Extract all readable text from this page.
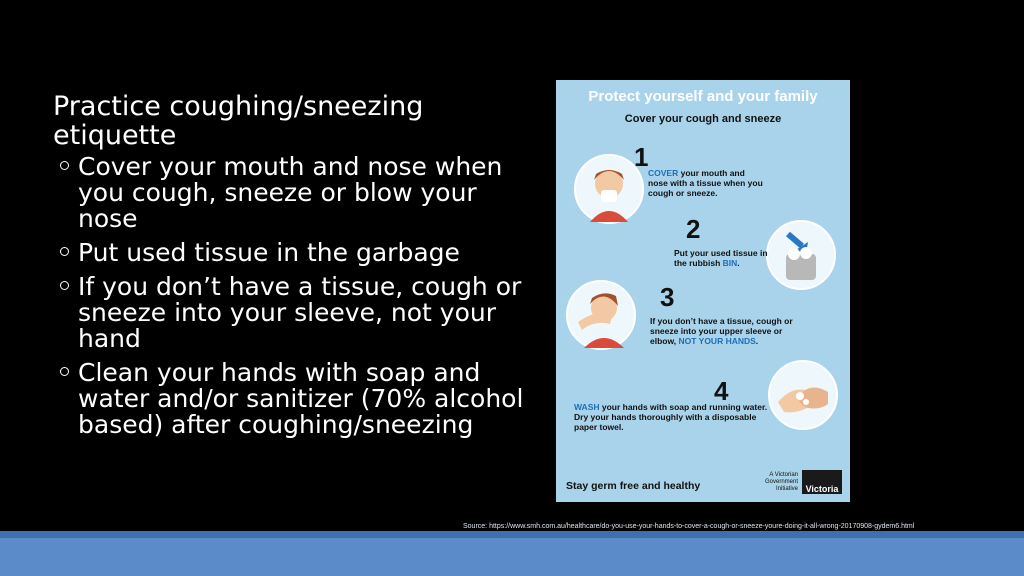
Practice coughing/sneezing etiquette
Cover your mouth and nose when you cough, sneeze or blow your nose
Put used tissue in the garbage
If you don’t have a tissue, cough or sneeze into your sleeve, not your hand
Clean your hands with soap and water and/or sanitizer (70% alcohol based) after coughing/sneezing
Protect yourself and your family
Cover your cough and sneeze
1
COVER your mouth and nose with a tissue when you cough or sneeze.
2
Put your used tissue in the rubbish BIN.
3
If you don’t have a tissue, cough or sneeze into your upper sleeve or elbow, NOT YOUR HANDS.
4
WASH your hands with soap and running water. Dry your hands thoroughly with a disposable paper towel.
Stay germ free and healthy
A Victorian Government Initiative Victoria
Source: https://www.smh.com.au/healthcare/do-you-use-your-hands-to-cover-a-cough-or-sneeze-youre-doing-it-all-wrong-20170908-gydem6.html
